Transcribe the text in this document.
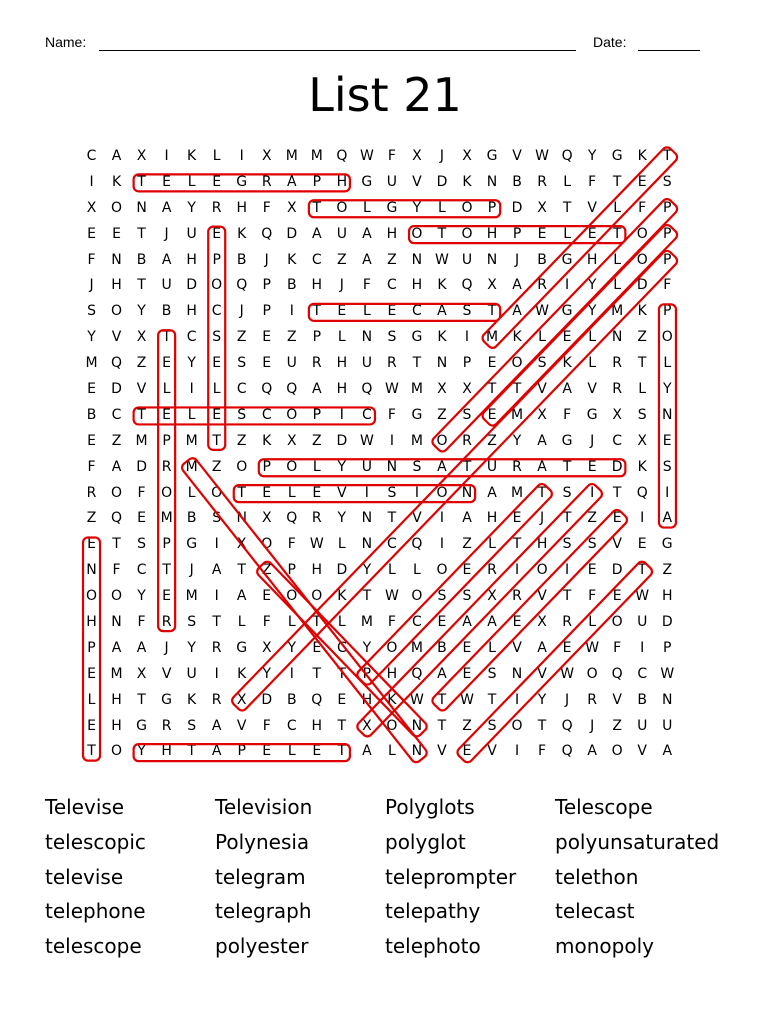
Name:	Date:
List 21
C	A	X	I	K	L	I	X	M M Q W	F	X	J	X	G	V W Q	Y	G	K	T
I	K	T	E	L	E	G	R	A	P	H	G	U	V	D	K	N	B	R	L	F	T	E	S
X	O	N	A	Y	R	H	F	X	T	O	L	G	Y	L	O	P	D	X	T	V	L	F	P
E	E	T	J	U	E	K	Q	D	A	U	A	H	O	T	O	H	P	E	L	E	T	O	P
F	N	B	A	H	P	B	J	K	C	Z	A	Z	N W U	N	J	B	G	H	L	O	P
J	H	T	U	D	O	Q	P	B	H	J	F	C	H	K	Q	X	A	R	I	Y	L	D	F
S	O	Y	B	H	C	J	P	I	T	E	L	E	C	A	S	T	A W G	Y	M	K	P
Y	V	X	T	C	S	Z	E	Z	P	L	N	S	G	K	I	M	K	L	E	L	N	Z	O
M Q	Z	E	Y	E	S	E	U	R	H	U	R	T	N	P	E	O	S	K	L	R	T	L
E	D	V	L	I	L	C	Q	Q	A	H	Q W M	X	X	T	T	V	A	V	R	L	Y
B	C	T	E	L	E	S	C	O	P	I	C	F	G	Z	S	E	M	X	F	G	X	S	N
E	Z	M	P	M	T	Z	K	X	Z	D W	I	M O	R	Z	Y	A	G	J	C	X	E
F	A	D	R	M	Z	O	P	O	L	Y	U	N	S	A	T	U	R	A	T	E	D	K	S
R	O	F	O	L	O	T	E	L	E	V	I	S	I	O	N	A	M	T	S	I	T	Q	I
Z	Q	E	M	B	S	N	X	Q	R	Y	N	T	V	I	A	H	E	J	T	Z	E	I	A
E	T	S	P	G	I	X	O	F	W	L	N	C	Q	I	Z	L	T	H	S	S	V	E	G
N	F	C	T	J	A	T	Z	P	H	D	Y	L	L	O	E	R	I	O	I	E	D	T	Z
O	O	Y	E	M	I	A	E	O	O	K	T W O	S	S	X	R	V	T	F	E W H
H	N	F	R	S	T	L	F	L	T	L	M	F	C	E	A	A	E	X	R	L	O	U	D
P	A	A	J	Y	R	G	X	Y	E	C	Y	O M	B	E	L	V	A	E W	F	I	P
E	M	X	V	U	I	K	Y	I	T	T	P	H	Q	A	E	S	N	V W O	Q	C W
L	H	T	G	K	R	X	D	B	Q	E	H	K W T W T	I	Y	J	R	V	B	N
E	H	G	R	S	A	V	F	C	H	T	X	O	N	T	Z	S	O	T	Q	J	Z	U	U
T	O	Y	H	T	A	P	E	L	E	T	A	L	N	V	E	V	I	F	Q	A	O	V	A
Televise	Television	Polyglots	Telescope
telescopic	Polynesia	polyglot	polyunsaturated
televise	telegram	teleprompter	telethon
telephone	telegraph	telepathy	telecast
telescope	polyester	telephoto	monopoly
